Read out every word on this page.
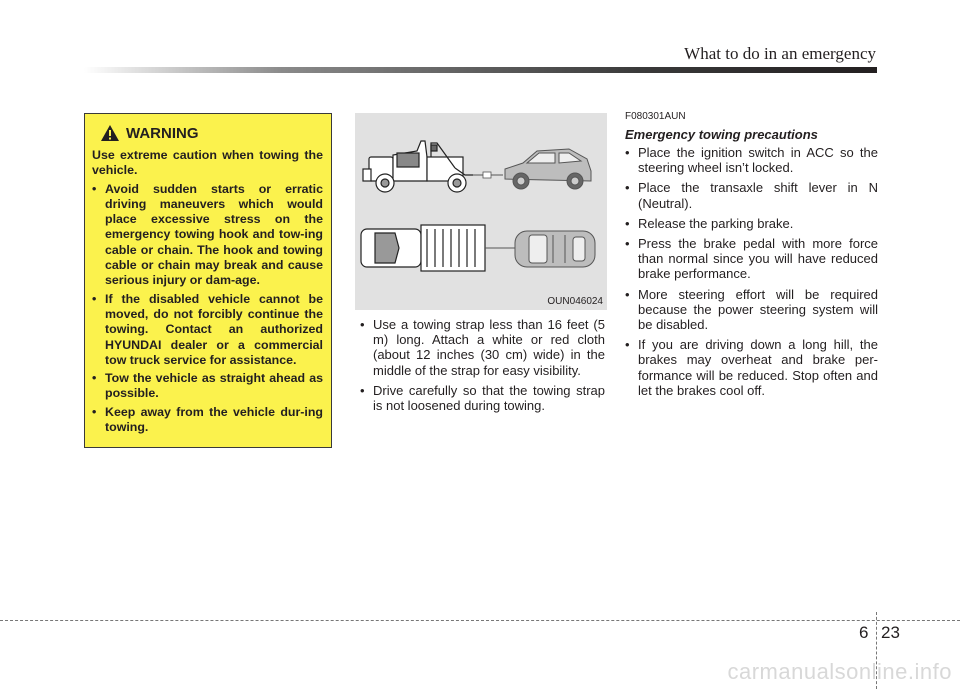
What to do in an emergency
WARNING
Use extreme caution when towing the vehicle.
• Avoid sudden starts or erratic driving maneuvers which would place excessive stress on the emergency towing hook and tow-ing cable or chain. The hook and towing cable or chain may break and cause serious injury or dam-age.
• If the disabled vehicle cannot be moved, do not forcibly continue the towing. Contact an authorized HYUNDAI dealer or a commercial tow truck service for assistance.
• Tow the vehicle as straight ahead as possible.
• Keep away from the vehicle dur-ing towing.
OUN046024
• Use a towing strap less than 16 feet (5 m) long. Attach a white or red cloth (about 12 inches (30 cm) wide) in the middle of the strap for easy visibility.
• Drive carefully so that the towing strap is not loosened during towing.
F080301AUN
Emergency towing precautions
• Place the ignition switch in ACC so the steering wheel isn’t locked.
• Place the transaxle shift lever in N (Neutral).
• Release the parking brake.
• Press the brake pedal with more force than normal since you will have reduced brake performance.
• More steering effort will be required because the power steering system will be disabled.
• If you are driving down a long hill, the brakes may overheat and brake per-formance will be reduced. Stop often and let the brakes cool off.
6 23
carmanualsonline.info
